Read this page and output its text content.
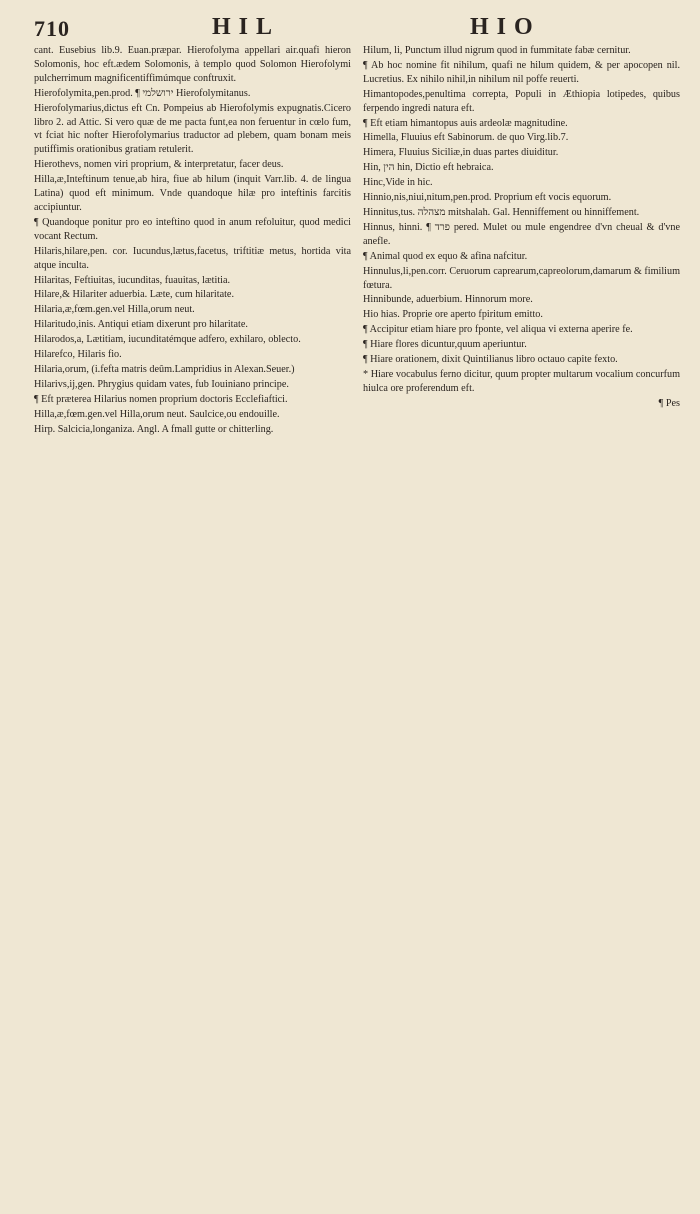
710	HIL	HIO

cant. Eusebius lib.9. Euan.præpar. Hierofolyma appellari air.quafi hieron Solomonis, hoc eft.ædem Solomonis, à templo quod Solomon Hierofolymi pulcherrimum magnificentiffimúmque conftruxit.

Hierofolymita,pen.prod. ¶ ירושלמי Hierofolymitanus.

Hierofolymarius,dictus eft Cn. Pompeius ab Hierofolymis expugnatis.Cicero libro 2. ad Attic. Si vero quæ de me pacta funt,ea non feruentur in cœlo fum, vt fciat hic nofter Hierofolymarius traductor ad plebem, quam bonam meis putiffimis orationibus gratiam retulerit.

Hierothevs, nomen viri proprium, & interpretatur, facer deus.

Hilla,æ,Inteftinum tenue,ab hira, fiue ab hilum (inquit Varr.lib. 4. de lingua Latina) quod eft minimum. Vnde quandoque hilæ pro inteftinis farcitis accipiuntur.

¶ Quandoque ponitur pro eo inteftino quod in anum refoluitur, quod medici vocant Rectum.

Hilaris,hilare,pen. cor. Iucundus,lætus,facetus, triftitiæ metus, hortida vita atque inculta.

Hilaritas, Feftiuitas, iucunditas, fuauitas, lætitia.

Hilare,& Hilariter aduerbia. Læte, cum hilaritate.

Hilaria,æ,fœm.gen.vel Hilla,orum neut.

Hilaritudo,inis. Antiqui etiam dixerunt pro hilaritate.

Hilarodos,a, Lætitiam, iucunditatémque adfero, exhilaro, oblecto.

Hilarefco, Hilaris fio.

Hilaria,orum, (i.fefta matris deûm.Lampridius in Alexan.Seuer.)

Hilarivs,ij,gen. Phrygius quidam vates, fub Iouiniano principe.

¶ Eft præterea Hilarius nomen proprium doctoris Ecclefiaftici.

Hilla,æ,fœm.gen.vel Hilla,orum neut. Saulcice,ou endouille.

Hirp. Salcicia,longaniza. Angl. A fmall gutte or chitterling.

Hilum, li, Punctum illud nigrum quod in fummitate fabæ cernitur.

¶ Ab hoc nomine fit nihilum, quafi ne hilum quidem, & per apocopen nil. Lucretius. Ex nihilo nihil,in nihilum nil poffe reuerti.

Himantopodes,penultima correpta, Populi in Æthiopia lotipedes, quibus ferpendo ingredi natura eft.

¶ Eft etiam himantopus auis ardeolæ magnitudine.

Himella, Fluuius eft Sabinorum. de quo Virg.lib.7.

Himera, Fluuius Siciliæ,in duas partes diuiditur.

Hin, הין hin, Dictio eft hebraica.

Hinc,Vide in hic.

Hinnio,nis,niui,nitum,pen.prod. Proprium eft vocis equorum.

Hinnitus,tus. מצהלה mitshalah. Gal. Henniffement ou hinniffement.

Hinnus, hinni. ¶ פרד pered. Mulet ou mule engendree d'vn cheual & d'vne anefle.

¶ Animal quod ex equo & afina nafcitur.

Hinnulus,li,pen.corr. Ceruorum caprearum,capreolorum,damarum & fimilium fœtura.

Hinnibunde, aduerbium. Hinnorum more.

Hio hias. Proprie ore aperto fpiritum emitto.

¶ Accipitur etiam hiare pro fponte, vel aliqua vi externa aperire fe.

¶ Hiare flores dicuntur,quum aperiuntur.

¶ Hiare orationem, dixit Quintilianus libro octauo capite fexto.

* Hiare vocabulus ferno dicitur, quum propter multarum vocalium concurfum hiulca ore proferendum eft.

¶ Pes
